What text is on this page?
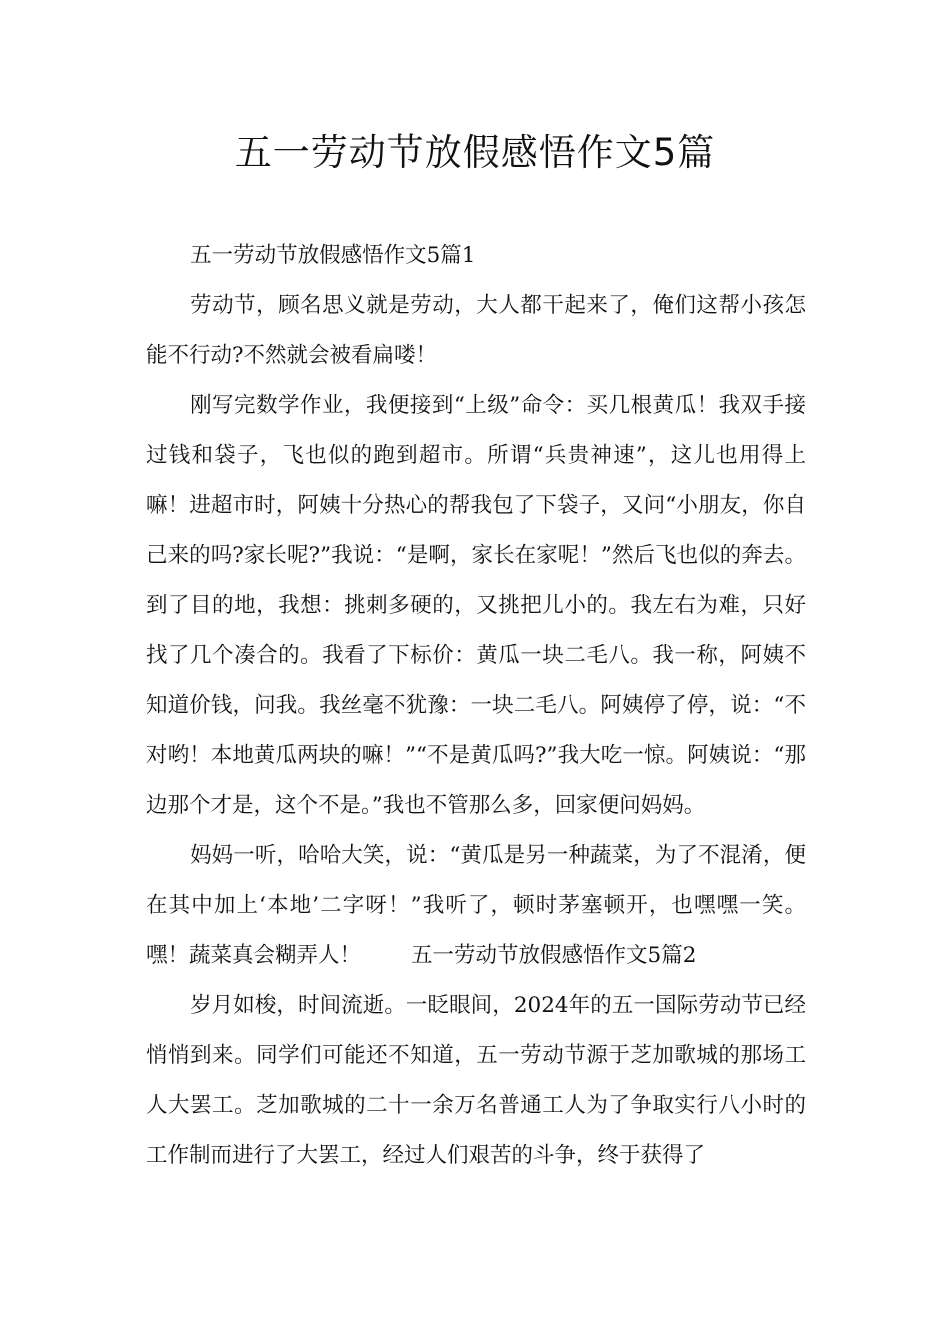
五一劳动节放假感悟作文5篇

五一劳动节放假感悟作文5篇1

劳动节，顾名思义就是劳动，大人都干起来了，俺们这帮小孩怎能不行动?不然就会被看扁喽！

刚写完数学作业，我便接到“上级”命令：买几根黄瓜！我双手接过钱和袋子，飞也似的跑到超市。所谓“兵贵神速”，这儿也用得上嘛！进超市时，阿姨十分热心的帮我包了下袋子，又问“小朋友，你自己来的吗?家长呢?”我说：“是啊，家长在家呢！”然后飞也似的奔去。到了目的地，我想：挑刺多硬的，又挑把儿小的。我左右为难，只好找了几个凑合的。我看了下标价：黄瓜一块二毛八。我一称，阿姨不知道价钱，问我。我丝毫不犹豫：一块二毛八。阿姨停了停，说：“不对哟！本地黄瓜两块的嘛！”“不是黄瓜吗?”我大吃一惊。阿姨说：“那边那个才是，这个不是。”我也不管那么多，回家便问妈妈。

妈妈一听，哈哈大笑，说：“黄瓜是另一种蔬菜，为了不混淆，便在其中加上‘本地’二字呀！”我听了，顿时茅塞顿开，也嘿嘿一笑。嘿！蔬菜真会糊弄人！ 五一劳动节放假感悟作文5篇2

岁月如梭，时间流逝。一眨眼间，2024年的五一国际劳动节已经悄悄到来。同学们可能还不知道，五一劳动节源于芝加歌城的那场工人大罢工。芝加歌城的二十一余万名普通工人为了争取实行八小时的工作制而进行了大罢工，经过人们艰苦的斗争，终于获得了
